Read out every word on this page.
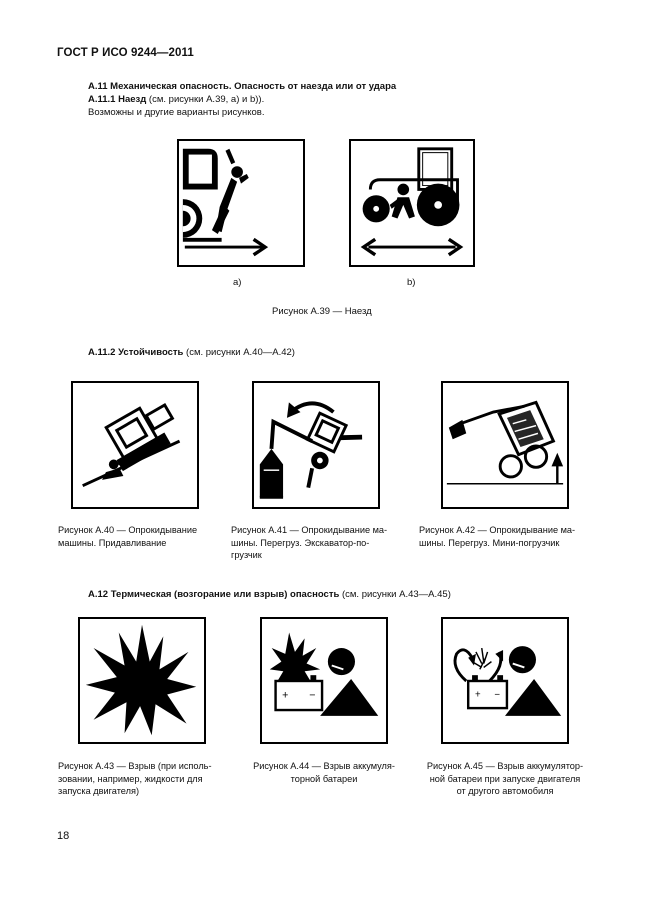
ГОСТ Р ИСО 9244—2011
А.11 Механическая опасность. Опасность от наезда или от удара
А.11.1 Наезд (см. рисунки А.39, а) и b)).
Возможны и другие варианты рисунков.
a)	b)
Рисунок А.39 — Наезд
А.11.2 Устойчивость (см. рисунки А.40—А.42)
Рисунок А.40 — Опрокидывание
машины. Придавливание
Рисунок А.41 — Опрокидывание ма-
шины. Перегруз. Экскаватор-по-
грузчик
Рисунок А.42 — Опрокидывание ма-
шины. Перегруз. Мини-погрузчик
А.12 Термическая (возгорание или взрыв) опасность (см. рисунки А.43—А.45)
Рисунок А.43 — Взрыв (при исполь-
зовании, например, жидкости для
запуска двигателя)
+ −
Рисунок А.44 — Взрыв аккумуля-
торной батареи
+ −
Рисунок А.45 — Взрыв аккумулятор-
ной батареи при запуске двигателя
от другого автомобиля
18
